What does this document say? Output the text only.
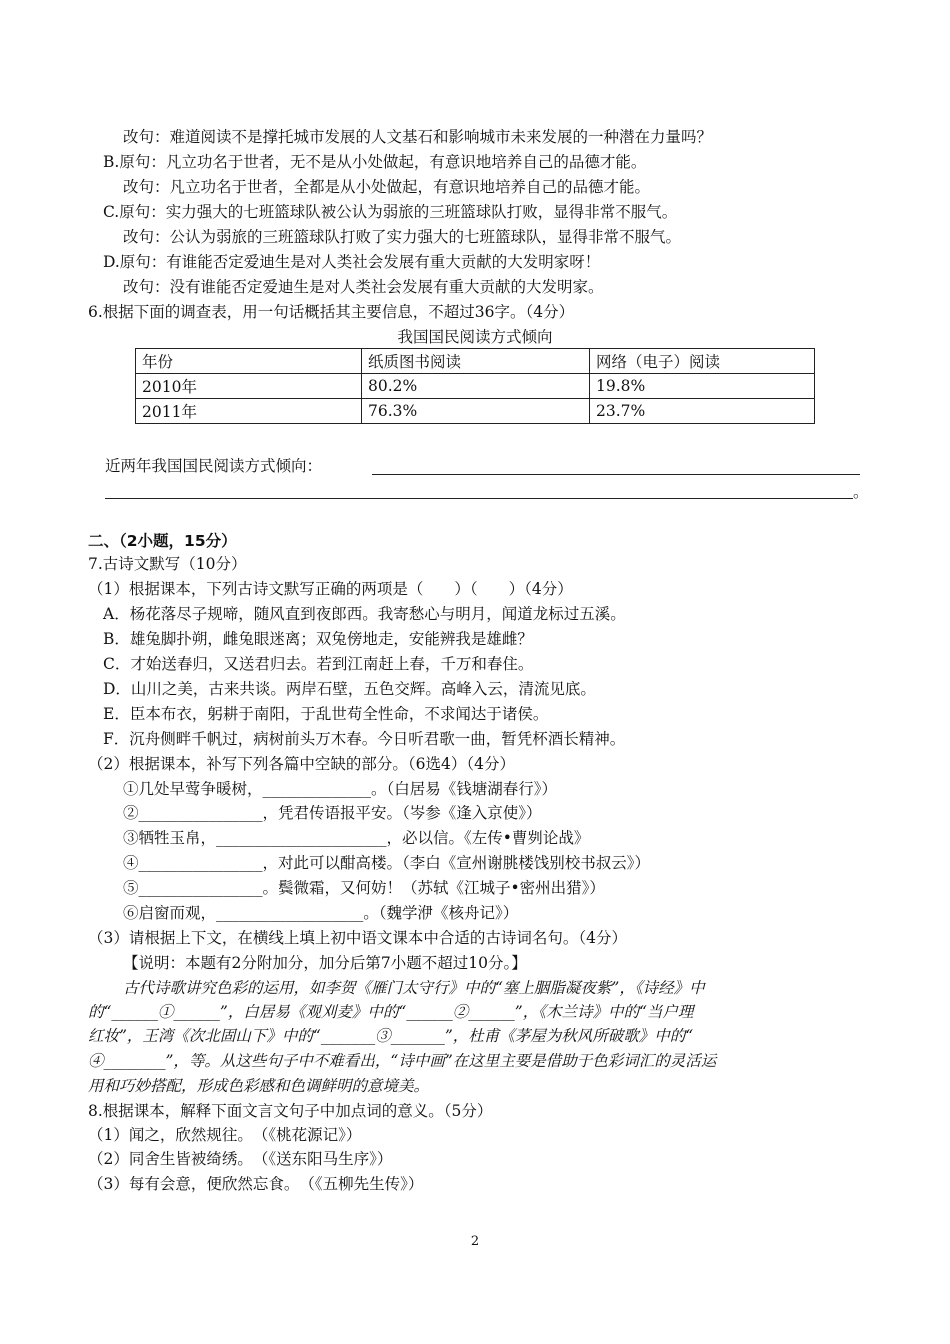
改句：难道阅读不是撑托城市发展的人文基石和影响城市未来发展的一种潜在力量吗？
B.原句：凡立功名于世者，无不是从小处做起，有意识地培养自己的品德才能。
改句：凡立功名于世者，全都是从小处做起，有意识地培养自己的品德才能。
C.原句：实力强大的七班篮球队被公认为弱旅的三班篮球队打败，显得非常不服气。
改句：公认为弱旅的三班篮球队打败了实力强大的七班篮球队，显得非常不服气。
D.原句：有谁能否定爱迪生是对人类社会发展有重大贡献的大发明家呀！
改句：没有谁能否定爱迪生是对人类社会发展有重大贡献的大发明家。
6.根据下面的调查表，用一句话概括其主要信息，不超过36字。（4分）
我国国民阅读方式倾向
年份	纸质图书阅读	网络（电子）阅读
2010年	80.2%	19.8%
2011年	76.3%	23.7%
近两年我国国民阅读方式倾向：
。
二、（2小题，15分）
7.古诗文默写（10分）
（1）根据课本，下列古诗文默写正确的两项是（　　）（　　）（4分）
A．杨花落尽子规啼，随风直到夜郎西。我寄愁心与明月，闻道龙标过五溪。
B．雄兔脚扑朔，雌兔眼迷离；双兔傍地走，安能辨我是雄雌？
C．才始送春归，又送君归去。若到江南赶上春，千万和春住。
D．山川之美，古来共谈。两岸石壁，五色交辉。高峰入云，清流见底。
E．臣本布衣，躬耕于南阳，于乱世苟全性命，不求闻达于诸侯。
F．沉舟侧畔千帆过，病树前头万木春。今日听君歌一曲，暂凭杯酒长精神。
（2）根据课本，补写下列各篇中空缺的部分。（6选4）（4分）
①几处早莺争暖树，______________。（白居易《钱塘湖春行》）
②________________，凭君传语报平安。（岑参《逢入京使》）
③牺牲玉帛，______________________，必以信。《左传•曹刿论战》
④________________，对此可以酣高楼。（李白《宣州谢朓楼饯别校书叔云》）
⑤________________。鬓微霜，又何妨！（苏轼《江城子•密州出猎》）
⑥启窗而观，___________________。（魏学洢《核舟记》）
（3）请根据上下文，在横线上填上初中语文课本中合适的古诗词名句。（4分）
【说明：本题有2分附加分，加分后第7小题不超过10分。】
古代诗歌讲究色彩的运用，如李贺《雁门太守行》中的“塞上胭脂凝夜紫”，《诗经》中
的“______①______”，白居易《观刈麦》中的“______②______”，《木兰诗》中的“当户理
红妆”，王湾《次北固山下》中的“_______③_______”，杜甫《茅屋为秋风所破歌》中的“
④________”，等。从这些句子中不难看出，“诗中画”在这里主要是借助于色彩词汇的灵活运
用和巧妙搭配，形成色彩感和色调鲜明的意境美。
8.根据课本，解释下面文言文句子中加点词的意义。（5分）
（1）闻之，欣然规往。　（《桃花源记》）
（2）同舍生皆被绮绣。　（《送东阳马生序》）
（3）每有会意，便欣然忘食。　（《五柳先生传》）
2
